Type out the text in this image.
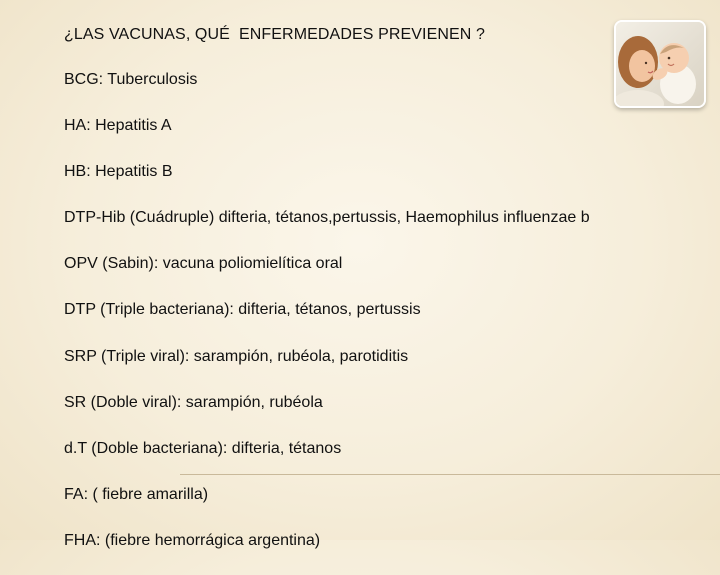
¿LAS VACUNAS, QUÉ  ENFERMEDADES PREVIENEN ?
BCG: Tuberculosis
HA: Hepatitis A
HB: Hepatitis B
DTP-Hib (Cuádruple) difteria, tétanos,pertussis, Haemophilus influenzae b
OPV (Sabin): vacuna poliomielítica oral
DTP (Triple bacteriana): difteria, tétanos, pertussis
SRP (Triple viral): sarampión, rubéola, parotiditis
SR (Doble viral): sarampión, rubéola
d.T (Doble bacteriana): difteria, tétanos
FA: ( fiebre amarilla)
FHA: (fiebre hemorrágica argentina)
